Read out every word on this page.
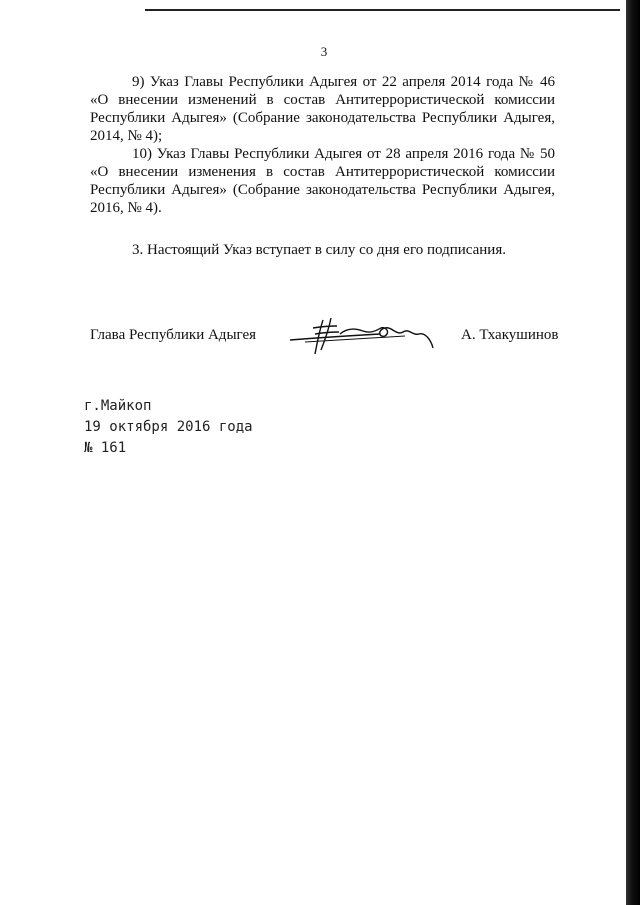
3

9) Указ Главы Республики Адыгея от 22 апреля 2014 года № 46 «О внесении изменений в состав Антитеррористической комиссии Республики Адыгея» (Собрание законодательства Республики Адыгея, 2014, № 4);

10) Указ Главы Республики Адыгея от 28 апреля 2016 года № 50 «О внесении изменения в состав Антитеррористической комиссии Республики Адыгея» (Собрание законодательства Республики Адыгея, 2016, № 4).

3. Настоящий Указ вступает в силу со дня его подписания.

Глава Республики Адыгея	А. Тхакушинов
г.Майкоп
19 октября 2016 года
№ 161
